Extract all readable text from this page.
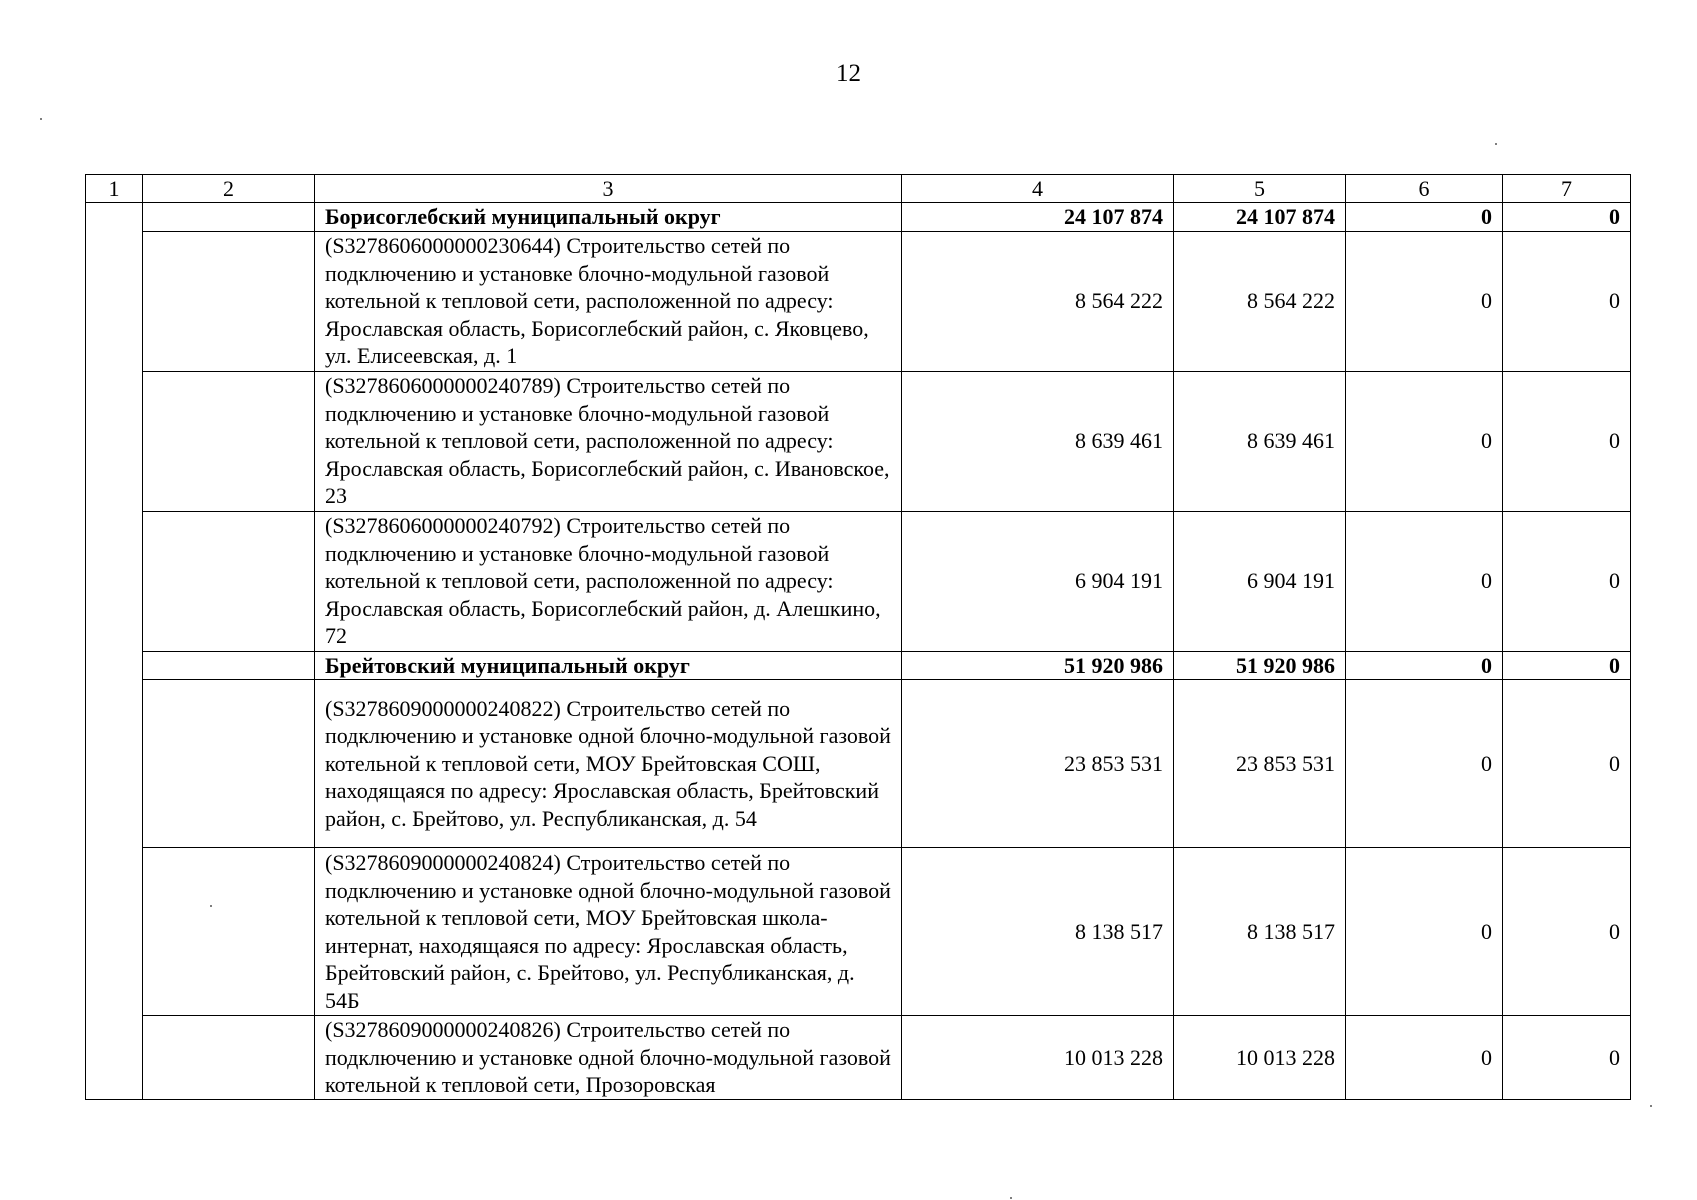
12
1	2	3	4	5	6	7
		Борисоглебский муниципальный округ	24 107 874	24 107 874	0	0
		(S3278606000000230644) Строительство сетей по подключению и установке блочно-модульной газовой котельной к тепловой сети, расположенной по адресу: Ярославская область, Борисоглебский район, с. Яковцево, ул. Елисеевская, д. 1	8 564 222	8 564 222	0	0
		(S3278606000000240789) Строительство сетей по подключению и установке блочно-модульной газовой котельной к тепловой сети, расположенной по адресу: Ярославская область, Борисоглебский район, с. Ивановское, 23	8 639 461	8 639 461	0	0
		(S3278606000000240792) Строительство сетей по подключению и установке блочно-модульной газовой котельной к тепловой сети, расположенной по адресу: Ярославская область, Борисоглебский район, д. Алешкино, 72	6 904 191	6 904 191	0	0
		Брейтовский муниципальный округ	51 920 986	51 920 986	0	0
		(S3278609000000240822) Строительство сетей по подключению и установке одной блочно-модульной газовой котельной к тепловой сети, МОУ Брейтовская СОШ, находящаяся по адресу: Ярославская область, Брейтовский район, с. Брейтово, ул. Республиканская, д. 54	23 853 531	23 853 531	0	0
		(S3278609000000240824) Строительство сетей по подключению и установке одной блочно-модульной газовой котельной к тепловой сети, МОУ Брейтовская школа-интернат, находящаяся по адресу: Ярославская область, Брейтовский район, с. Брейтово, ул. Республиканская, д. 54Б	8 138 517	8 138 517	0	0
		(S3278609000000240826) Строительство сетей по подключению и установке одной блочно-модульной газовой котельной к тепловой сети, Прозоровская	10 013 228	10 013 228	0	0
